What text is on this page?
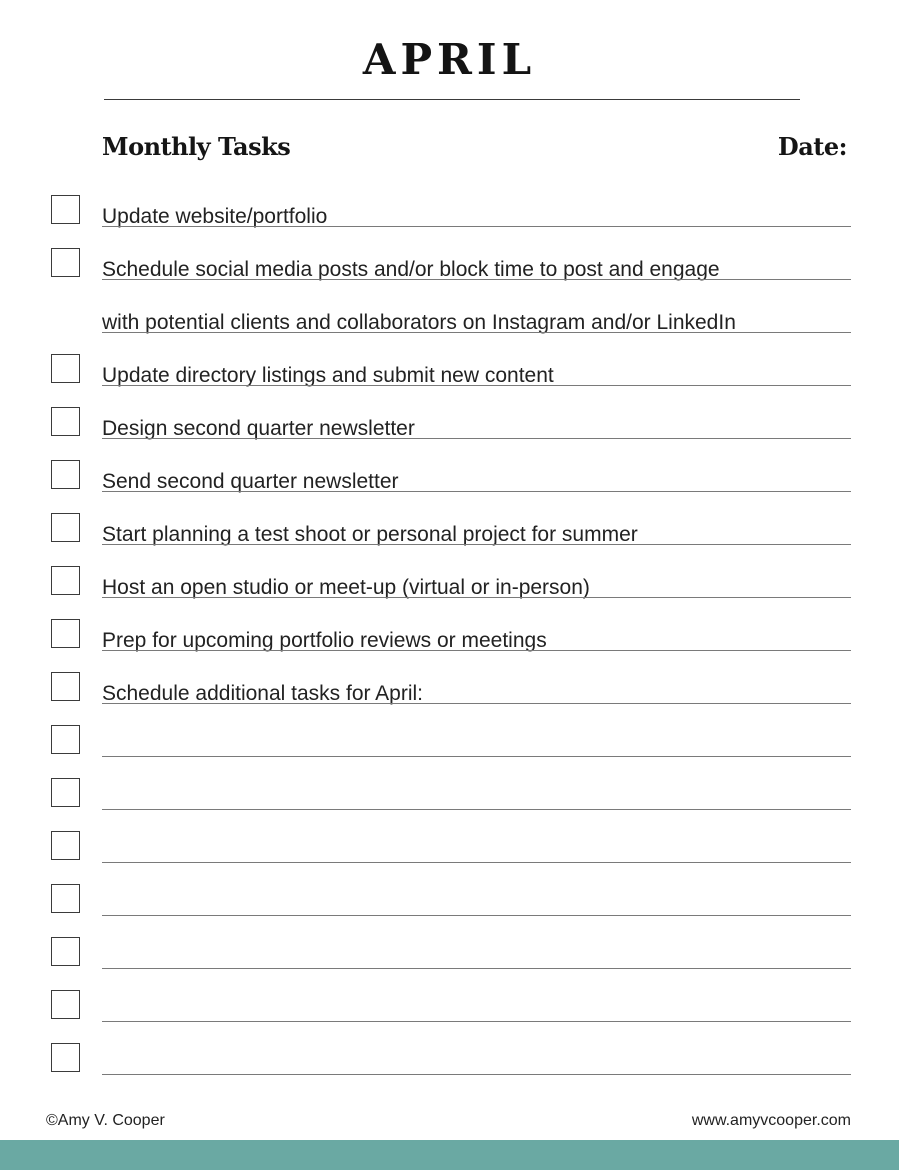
APRIL
Monthly Tasks	Date:
Update website/portfolio
Schedule social media posts and/or block time to post and engage
with potential clients and collaborators on Instagram and/or LinkedIn
Update directory listings and submit new content
Design second quarter newsletter
Send second quarter newsletter
Start planning a test shoot or personal project for summer
Host an open studio or meet-up (virtual or in-person)
Prep for upcoming portfolio reviews or meetings
Schedule additional tasks for April:
©Amy V. Cooper	www.amyvcooper.com
